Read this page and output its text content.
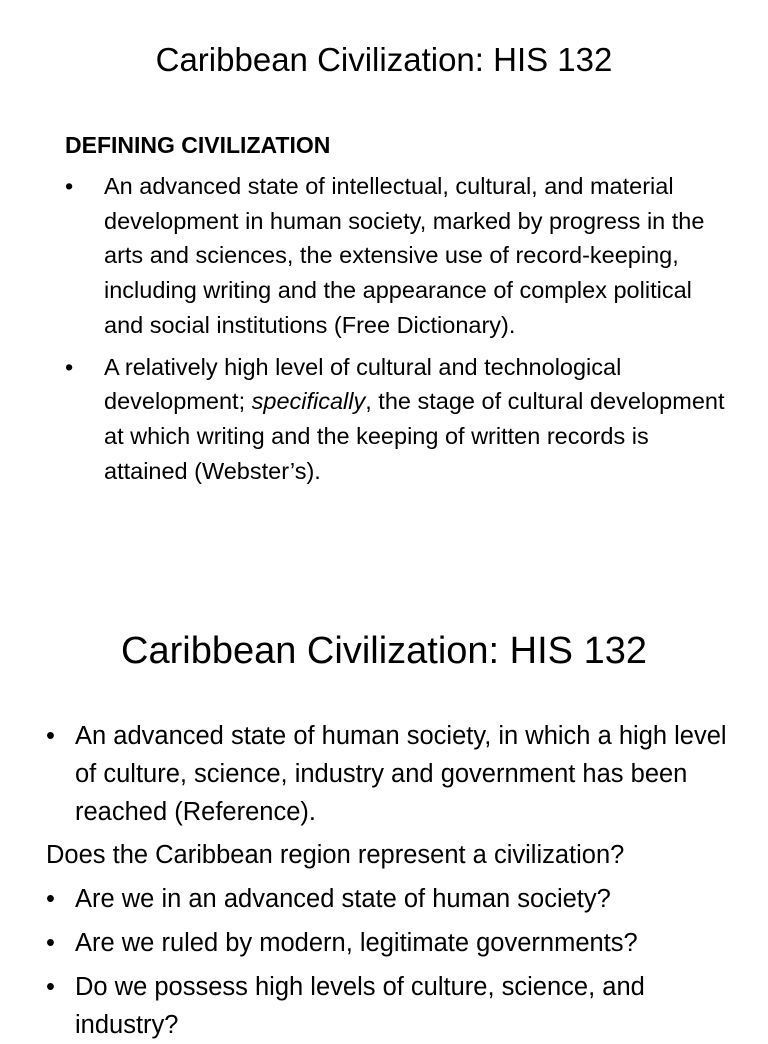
Caribbean Civilization: HIS 132
DEFINING CIVILIZATION
• An advanced state of intellectual, cultural, and material development in human society, marked by progress in the arts and sciences, the extensive use of record-keeping, including writing and the appearance of complex political and social institutions (Free Dictionary).
• A relatively high level of cultural and technological development; specifically, the stage of cultural development at which writing and the keeping of written records is attained (Webster’s).
Caribbean Civilization: HIS 132
• An advanced state of human society, in which a high level of culture, science, industry and government has been reached (Reference).
Does the Caribbean region represent a civilization?
• Are we in an advanced state of human society?
• Are we ruled by modern, legitimate governments?
• Do we possess high levels of culture, science, and industry?
